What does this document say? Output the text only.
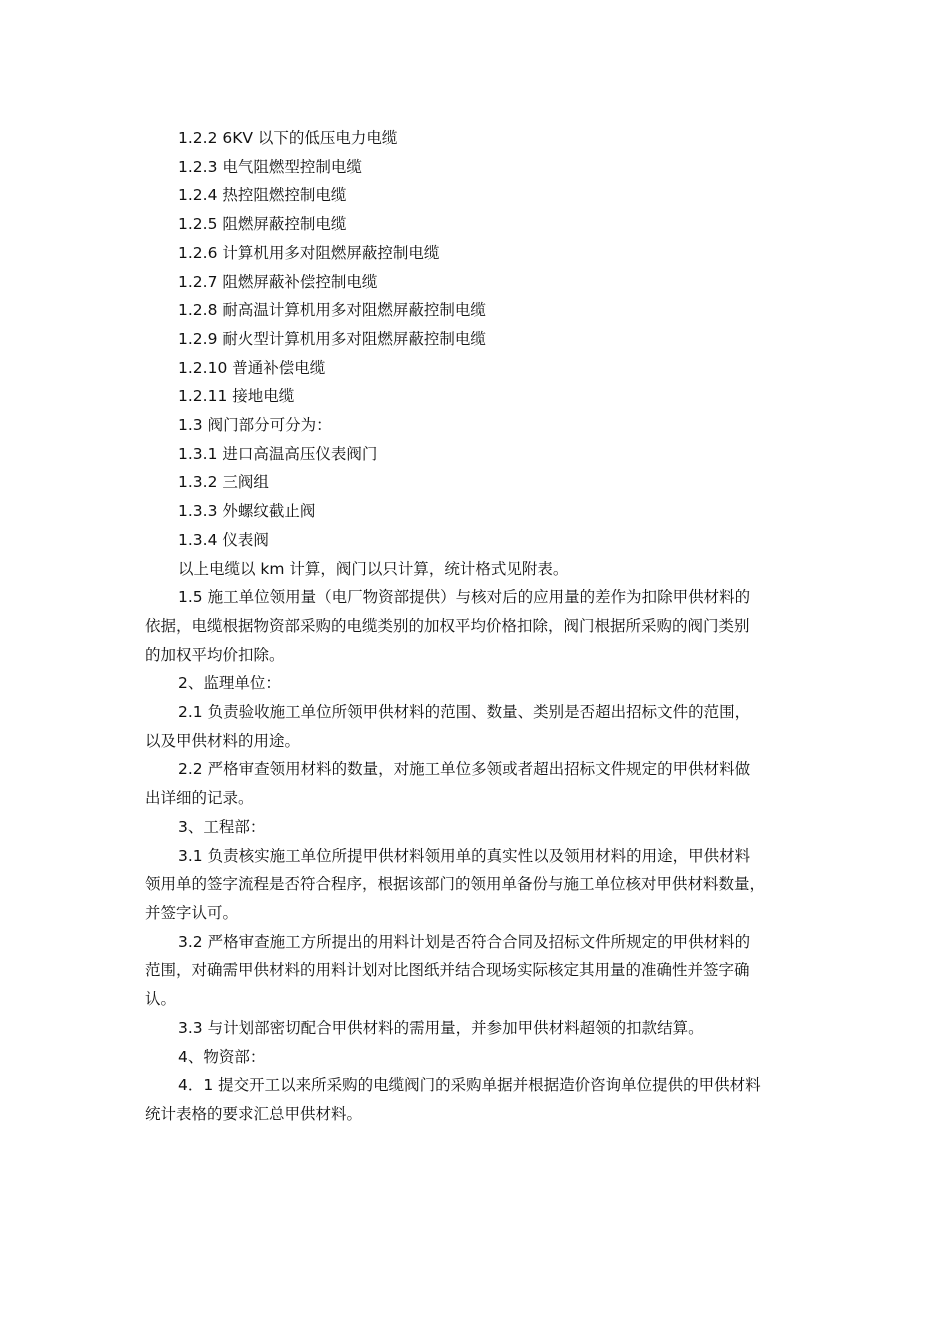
1.2.2 6KV 以下的低压电力电缆
1.2.3 电气阻燃型控制电缆
1.2.4 热控阻燃控制电缆
1.2.5 阻燃屏蔽控制电缆
1.2.6 计算机用多对阻燃屏蔽控制电缆
1.2.7 阻燃屏蔽补偿控制电缆
1.2.8 耐高温计算机用多对阻燃屏蔽控制电缆
1.2.9 耐火型计算机用多对阻燃屏蔽控制电缆
1.2.10 普通补偿电缆
1.2.11 接地电缆
1.3 阀门部分可分为：
1.3.1 进口高温高压仪表阀门
1.3.2 三阀组
1.3.3 外螺纹截止阀
1.3.4 仪表阀
以上电缆以 km 计算，阀门以只计算，统计格式见附表。

1.5 施工单位领用量（电厂物资部提供）与核对后的应用量的差作为扣除甲供材料的
依据，电缆根据物资部采购的电缆类别的加权平均价格扣除，阀门根据所采购的阀门类别
的加权平均价扣除。

2、监理单位：

2.1 负责验收施工单位所领甲供材料的范围、数量、类别是否超出招标文件的范围，
以及甲供材料的用途。

2.2 严格审查领用材料的数量，对施工单位多领或者超出招标文件规定的甲供材料做
出详细的记录。

3、工程部：

3.1 负责核实施工单位所提甲供材料领用单的真实性以及领用材料的用途，甲供材料
领用单的签字流程是否符合程序，根据该部门的领用单备份与施工单位核对甲供材料数量，
并签字认可。

3.2 严格审查施工方所提出的用料计划是否符合合同及招标文件所规定的甲供材料的
范围，对确需甲供材料的用料计划对比图纸并结合现场实际核定其用量的准确性并签字确
认。

3.3 与计划部密切配合甲供材料的需用量，并参加甲供材料超领的扣款结算。

4、物资部：

4．1 提交开工以来所采购的电缆阀门的采购单据并根据造价咨询单位提供的甲供材料
统计表格的要求汇总甲供材料。
